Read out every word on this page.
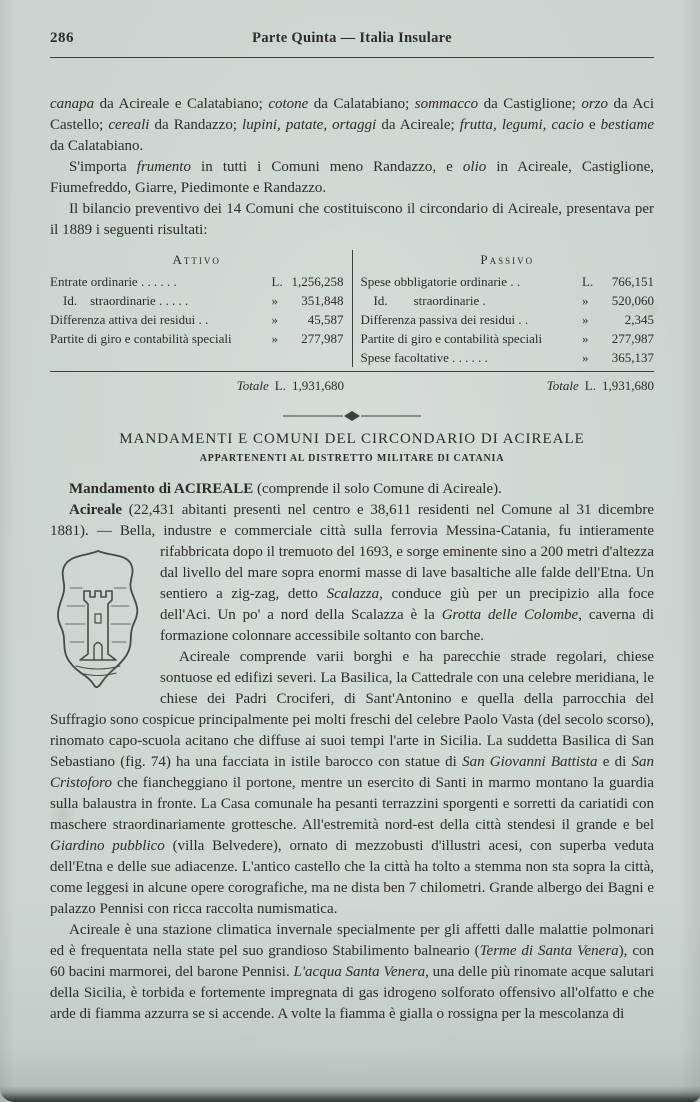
286	Parte Quinta — Italia Insulare

canapa da Acireale e Calatabiano; cotone da Calatabiano; sommacco da Castiglione; orzo da Aci Castello; cereali da Randazzo; lupini, patate, ortaggi da Acireale; frutta, legumi, cacio e bestiame da Calatabiano.

S'importa frumento in tutti i Comuni meno Randazzo, e olio in Acireale, Castiglione, Fiumefreddo, Giarre, Piedimonte e Randazzo.

Il bilancio preventivo dei 14 Comuni che costituiscono il circondario di Acireale, presentava per il 1889 i seguenti risultati:

Attivo
Entrate ordinarie . . . . . .	L. 1,256,258
  Id.  straordinarie . . . . .	»	351,848
Differenza attiva dei residui . .	»	45,587
Partite di giro e contabilità speciali	»	277,987
Passivo
Spese obbligatorie ordinarie . .	L.	766,151
  Id.  straordinarie .	»	520,060
Differenza passiva dei residui . .	»	2,345
Partite di giro e contabilità speciali	»	277,987
Spese facoltative . . . . . .	»	365,137
Totale L. 1,931,680	Totale L. 1,931,680
MANDAMENTI E COMUNI DEL CIRCONDARIO DI ACIREALE
APPARTENENTI AL DISTRETTO MILITARE DI CATANIA

Mandamento di ACIREALE (comprende il solo Comune di Acireale).

Acireale (22,431 abitanti presenti nel centro e 38,611 residenti nel Comune al 31 dicembre 1881). — Bella, industre e commerciale città sulla ferrovia Messina-Catania, fu intieramente
rifabbricata dopo il tremuoto del 1693, e sorge eminente sino a 200 metri d'altezza dal livello del mare sopra enormi masse di lave basaltiche alle falde dell'Etna. Un sentiero a zig-zag, detto Scalazza, conduce giù per un precipizio alla foce dell'Aci. Un po' a nord della Scalazza è la Grotta delle Colombe, caverna di formazione colonnare accessibile soltanto con barche.

Acireale comprende varii borghi e ha parecchie strade regolari, chiese sontuose ed edifizi severi. La Basilica, la Cattedrale con una celebre meridiana, le chiese dei Padri Crociferi, di Sant'Antonino e quella della parrocchia del Suffragio sono cospicue principalmente pei molti freschi del celebre Paolo Vasta (del secolo scorso), rinomato capo-scuola acitano che diffuse ai suoi tempi l'arte in Sicilia. La suddetta Basilica di San Sebastiano (fig. 74) ha una facciata in istile barocco con statue di San Giovanni Battista e di San Cristoforo che fiancheggiano il portone, mentre un esercito di Santi in marmo montano la guardia sulla balaustra in fronte. La Casa comunale ha pesanti terrazzini sporgenti e sorretti da cariatidi con maschere straordinariamente grottesche. All'estremità nord-est della città stendesi il grande e bel Giardino pubblico (villa Belvedere), ornato di mezzobusti d'illustri acesi, con superba veduta dell'Etna e delle sue adiacenze. L'antico castello che la città ha tolto a stemma non sta sopra la città, come leggesi in alcune opere corografiche, ma ne dista ben 7 chilometri. Grande albergo dei Bagni e palazzo Pennisi con ricca raccolta numismatica.

Acireale è una stazione climatica invernale specialmente per gli affetti dalle malattie polmonari ed è frequentata nella state pel suo grandioso Stabilimento balneario (Terme di Santa Venera), con 60 bacini marmorei, del barone Pennisi. L'acqua Santa Venera, una delle più rinomate acque salutari della Sicilia, è torbida e fortemente impregnata di gas idrogeno solforato offensivo all'olfatto e che arde di fiamma azzurra se si accende. A volte la fiamma è gialla o rossigna per la mescolanza di
